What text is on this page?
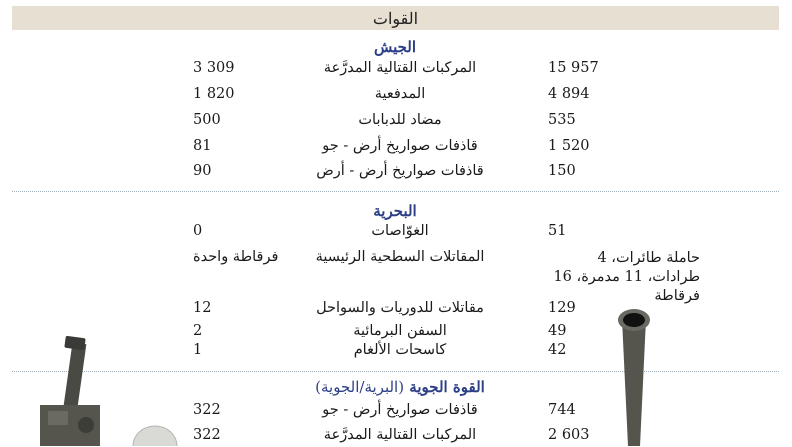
القوات
الجيش
3 309	المركبات القتالية المدرَّعة	15 957
1 820	المدفعية	4 894
500	مضاد للدبابات	535
81	قاذفات صواريخ أرض - جو	1 520
90	قاذفات صواريخ أرض - أرض	150
البحرية
0	الغوّاصات	51
فرقاطة واحدة	المقاتلات السطحية الرئيسية	حاملة طائرات، 4 طرادات، 11 مدمرة، 16 فرقاطة
12	مقاتلات للدوريات والسواحل	129
2	السفن البرمائية	49
1	كاسحات الألغام	42
القوة الجوية (البرية/الجوية)
322	قاذفات صواريخ أرض - جو	744
322	المركبات القتالية المدرَّعة	2 603
